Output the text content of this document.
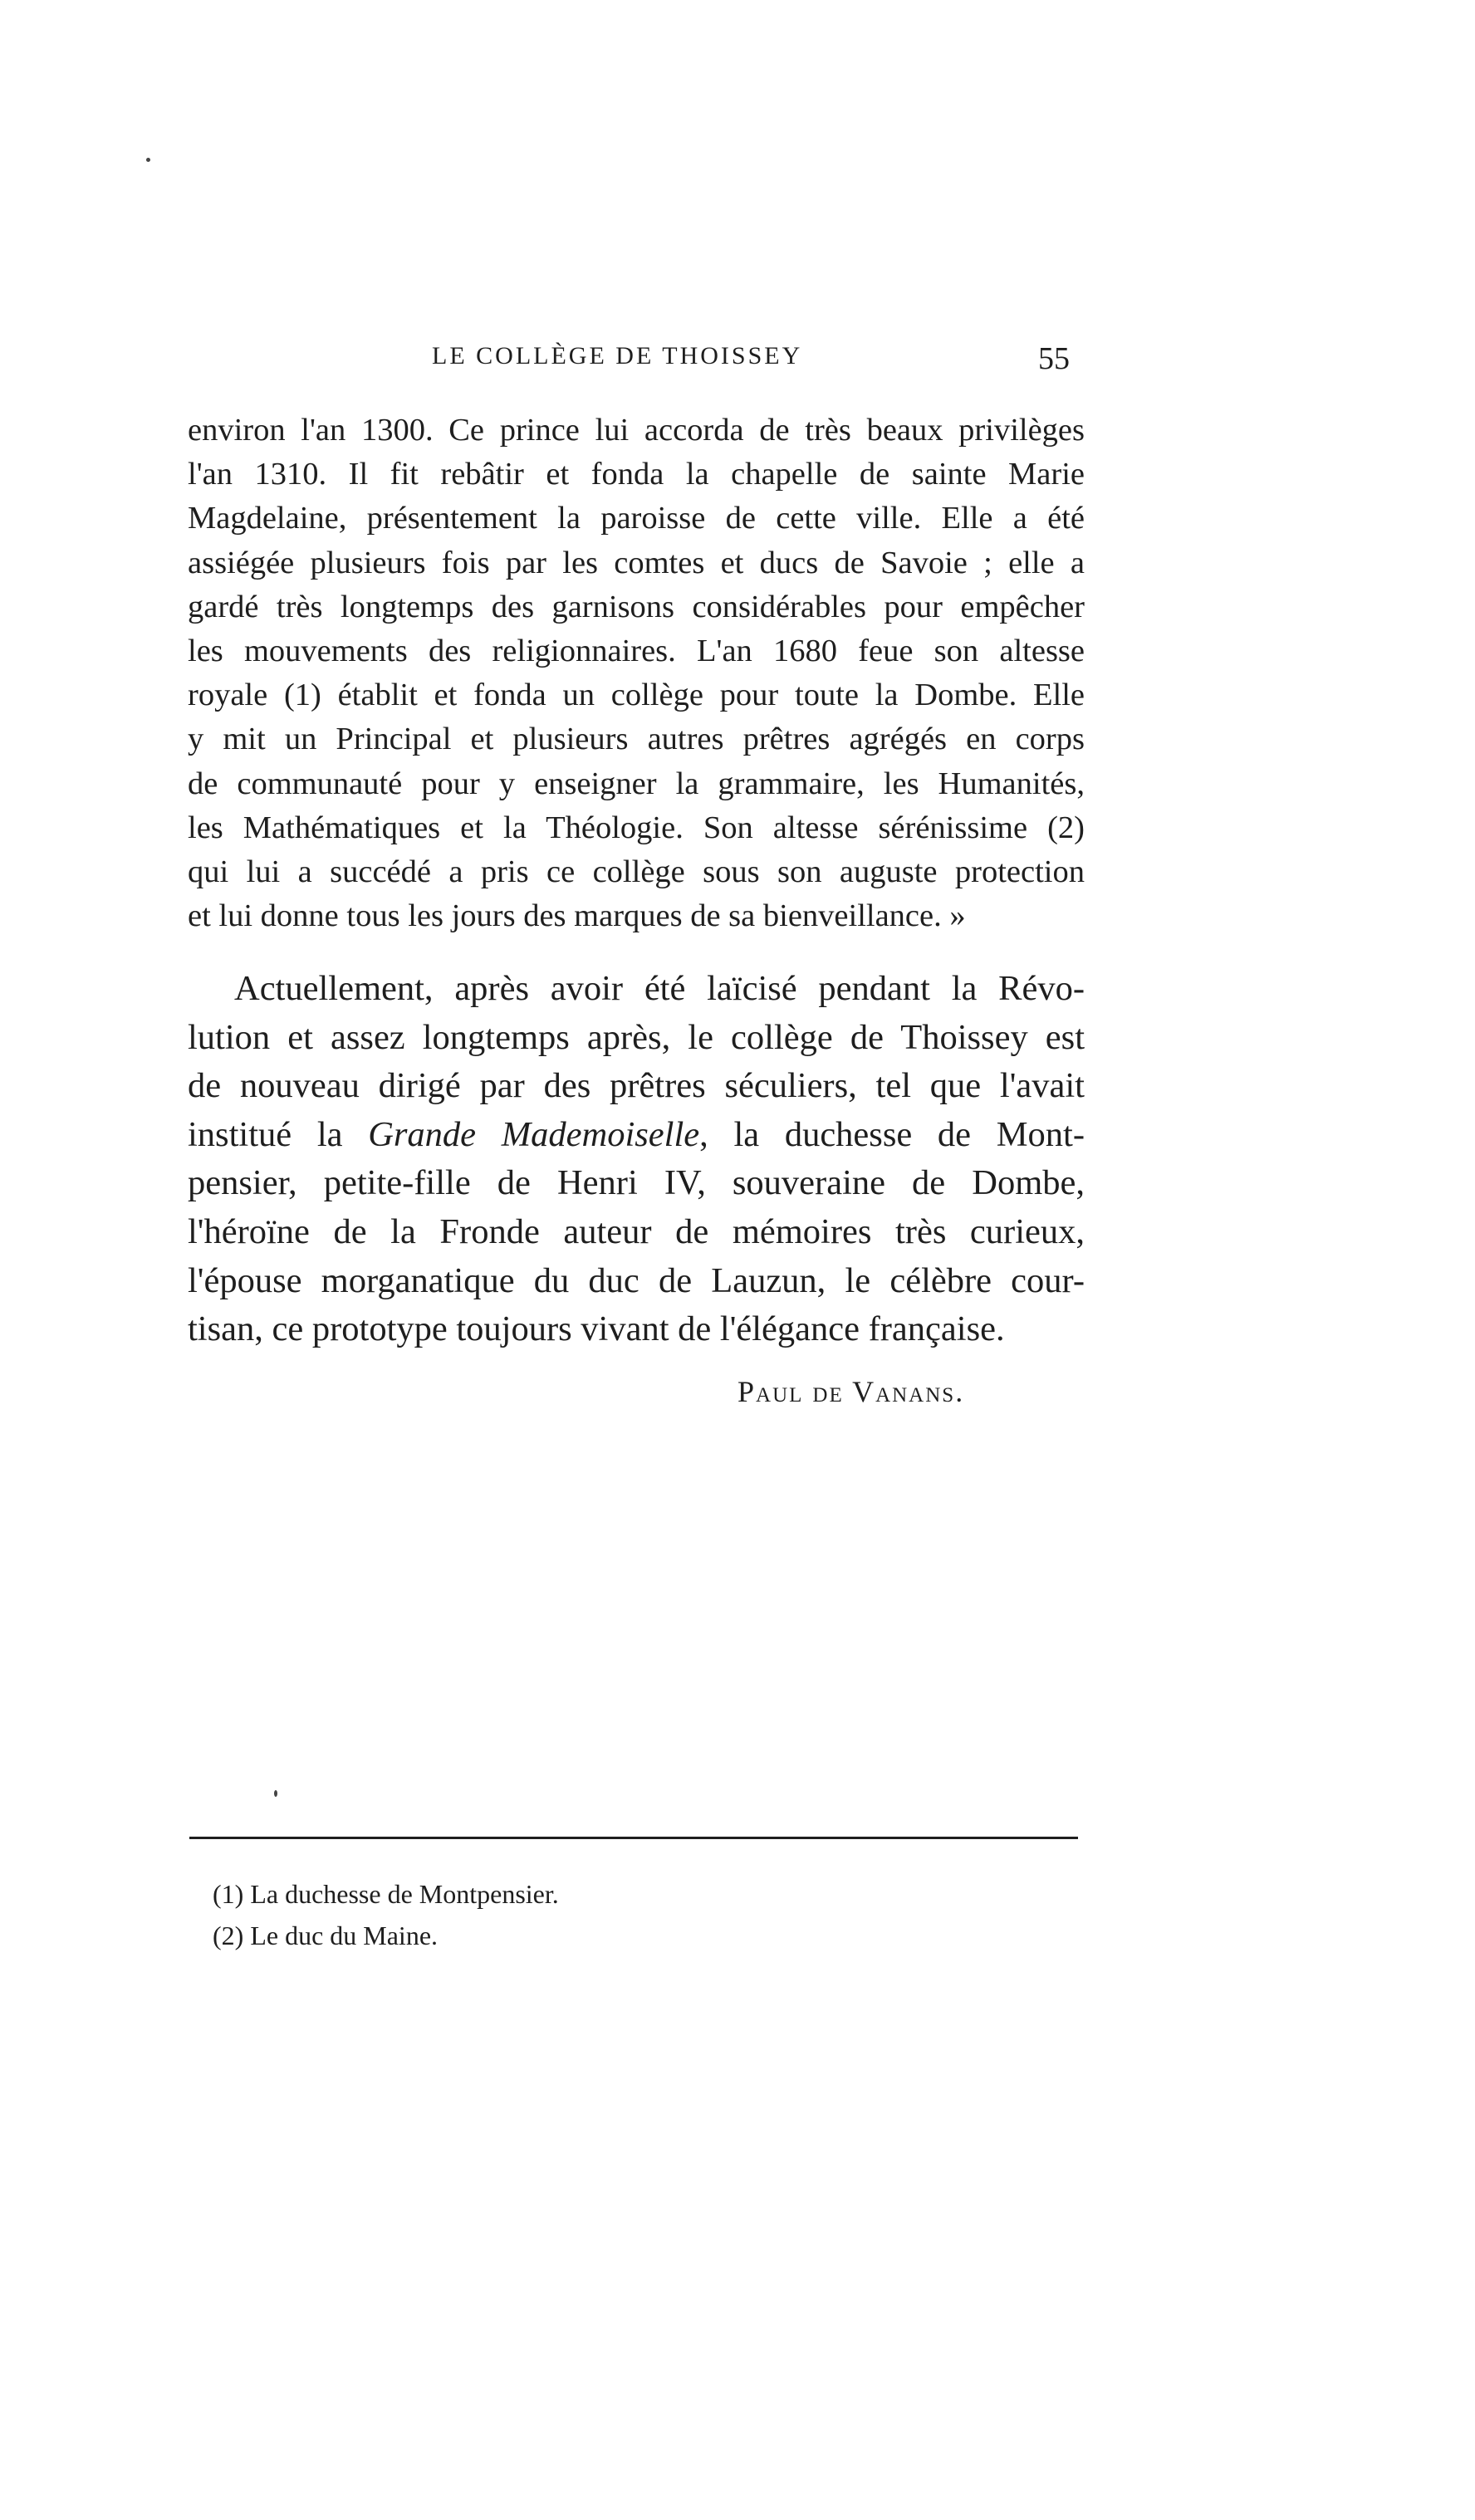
LE COLLÈGE DE THOISSEY	55
environ l'an 1300. Ce prince lui accorda de très beaux privilèges
l'an 1310. Il fit rebâtir et fonda la chapelle de sainte Marie
Magdelaine, présentement la paroisse de cette ville. Elle a été
assiégée plusieurs fois par les comtes et ducs de Savoie ; elle a
gardé très longtemps des garnisons considérables pour empêcher
les mouvements des religionnaires. L'an 1680 feue son altesse
royale (1) établit et fonda un collège pour toute la Dombe. Elle
y mit un Principal et plusieurs autres prêtres agrégés en corps
de communauté pour y enseigner la grammaire, les Humanités,
les Mathématiques et la Théologie. Son altesse sérénissime (2)
qui lui a succédé a pris ce collège sous son auguste protection
et lui donne tous les jours des marques de sa bienveillance. »
Actuellement, après avoir été laïcisé pendant la Révo-
lution et assez longtemps après, le collège de Thoissey est
de nouveau dirigé par des prêtres séculiers, tel que l'avait
institué la Grande Mademoiselle, la duchesse de Mont-
pensier, petite-fille de Henri IV, souveraine de Dombe,
l'héroïne de la Fronde auteur de mémoires très curieux,
l'épouse morganatique du duc de Lauzun, le célèbre cour-
tisan, ce prototype toujours vivant de l'élégance française.
Paul de Vanans.
(1) La duchesse de Montpensier.
(2) Le duc du Maine.
